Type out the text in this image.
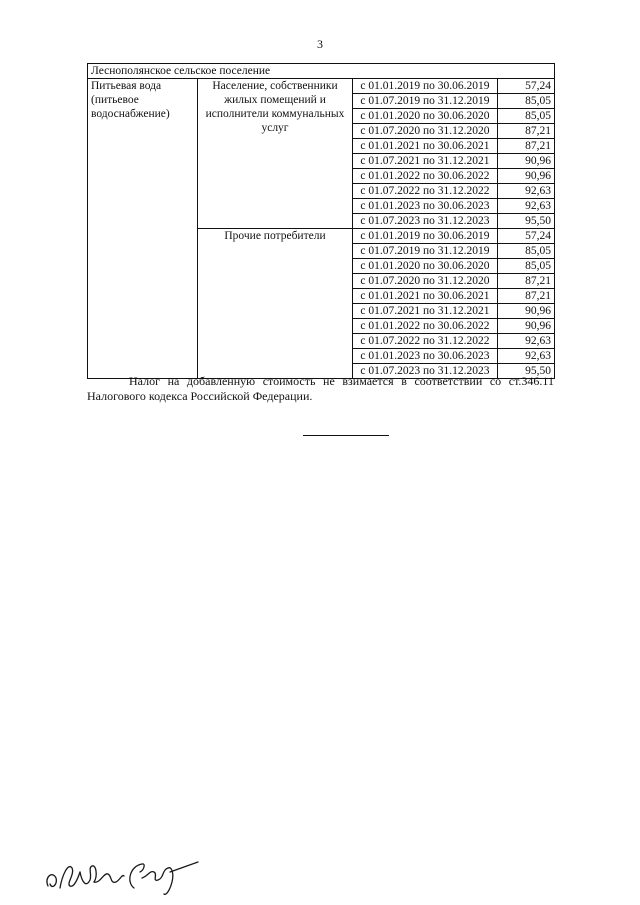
3
Леснополянское сельское поселение			
Питьевая вода (питьевое водоснабжение)	Население, собственники жилых помещений и исполнители коммунальных услуг	с 01.01.2019 по 30.06.2019	57,24
		с 01.07.2019 по 31.12.2019	85,05
		с 01.01.2020 по 30.06.2020	85,05
		с 01.07.2020 по 31.12.2020	87,21
		с 01.01.2021 по 30.06.2021	87,21
		с 01.07.2021 по 31.12.2021	90,96
		с 01.01.2022 по 30.06.2022	90,96
		с 01.07.2022 по 31.12.2022	92,63
		с 01.01.2023 по 30.06.2023	92,63
		с 01.07.2023 по 31.12.2023	95,50
	Прочие потребители	с 01.01.2019 по 30.06.2019	57,24
		с 01.07.2019 по 31.12.2019	85,05
		с 01.01.2020 по 30.06.2020	85,05
		с 01.07.2020 по 31.12.2020	87,21
		с 01.01.2021 по 30.06.2021	87,21
		с 01.07.2021 по 31.12.2021	90,96
		с 01.01.2022 по 30.06.2022	90,96
		с 01.07.2022 по 31.12.2022	92,63
		с 01.01.2023 по 30.06.2023	92,63
		с 01.07.2023 по 31.12.2023	95,50

Налог на добавленную стоимость не взимается в соответствии со ст.346.11
Налогового кодекса Российской Федерации.
